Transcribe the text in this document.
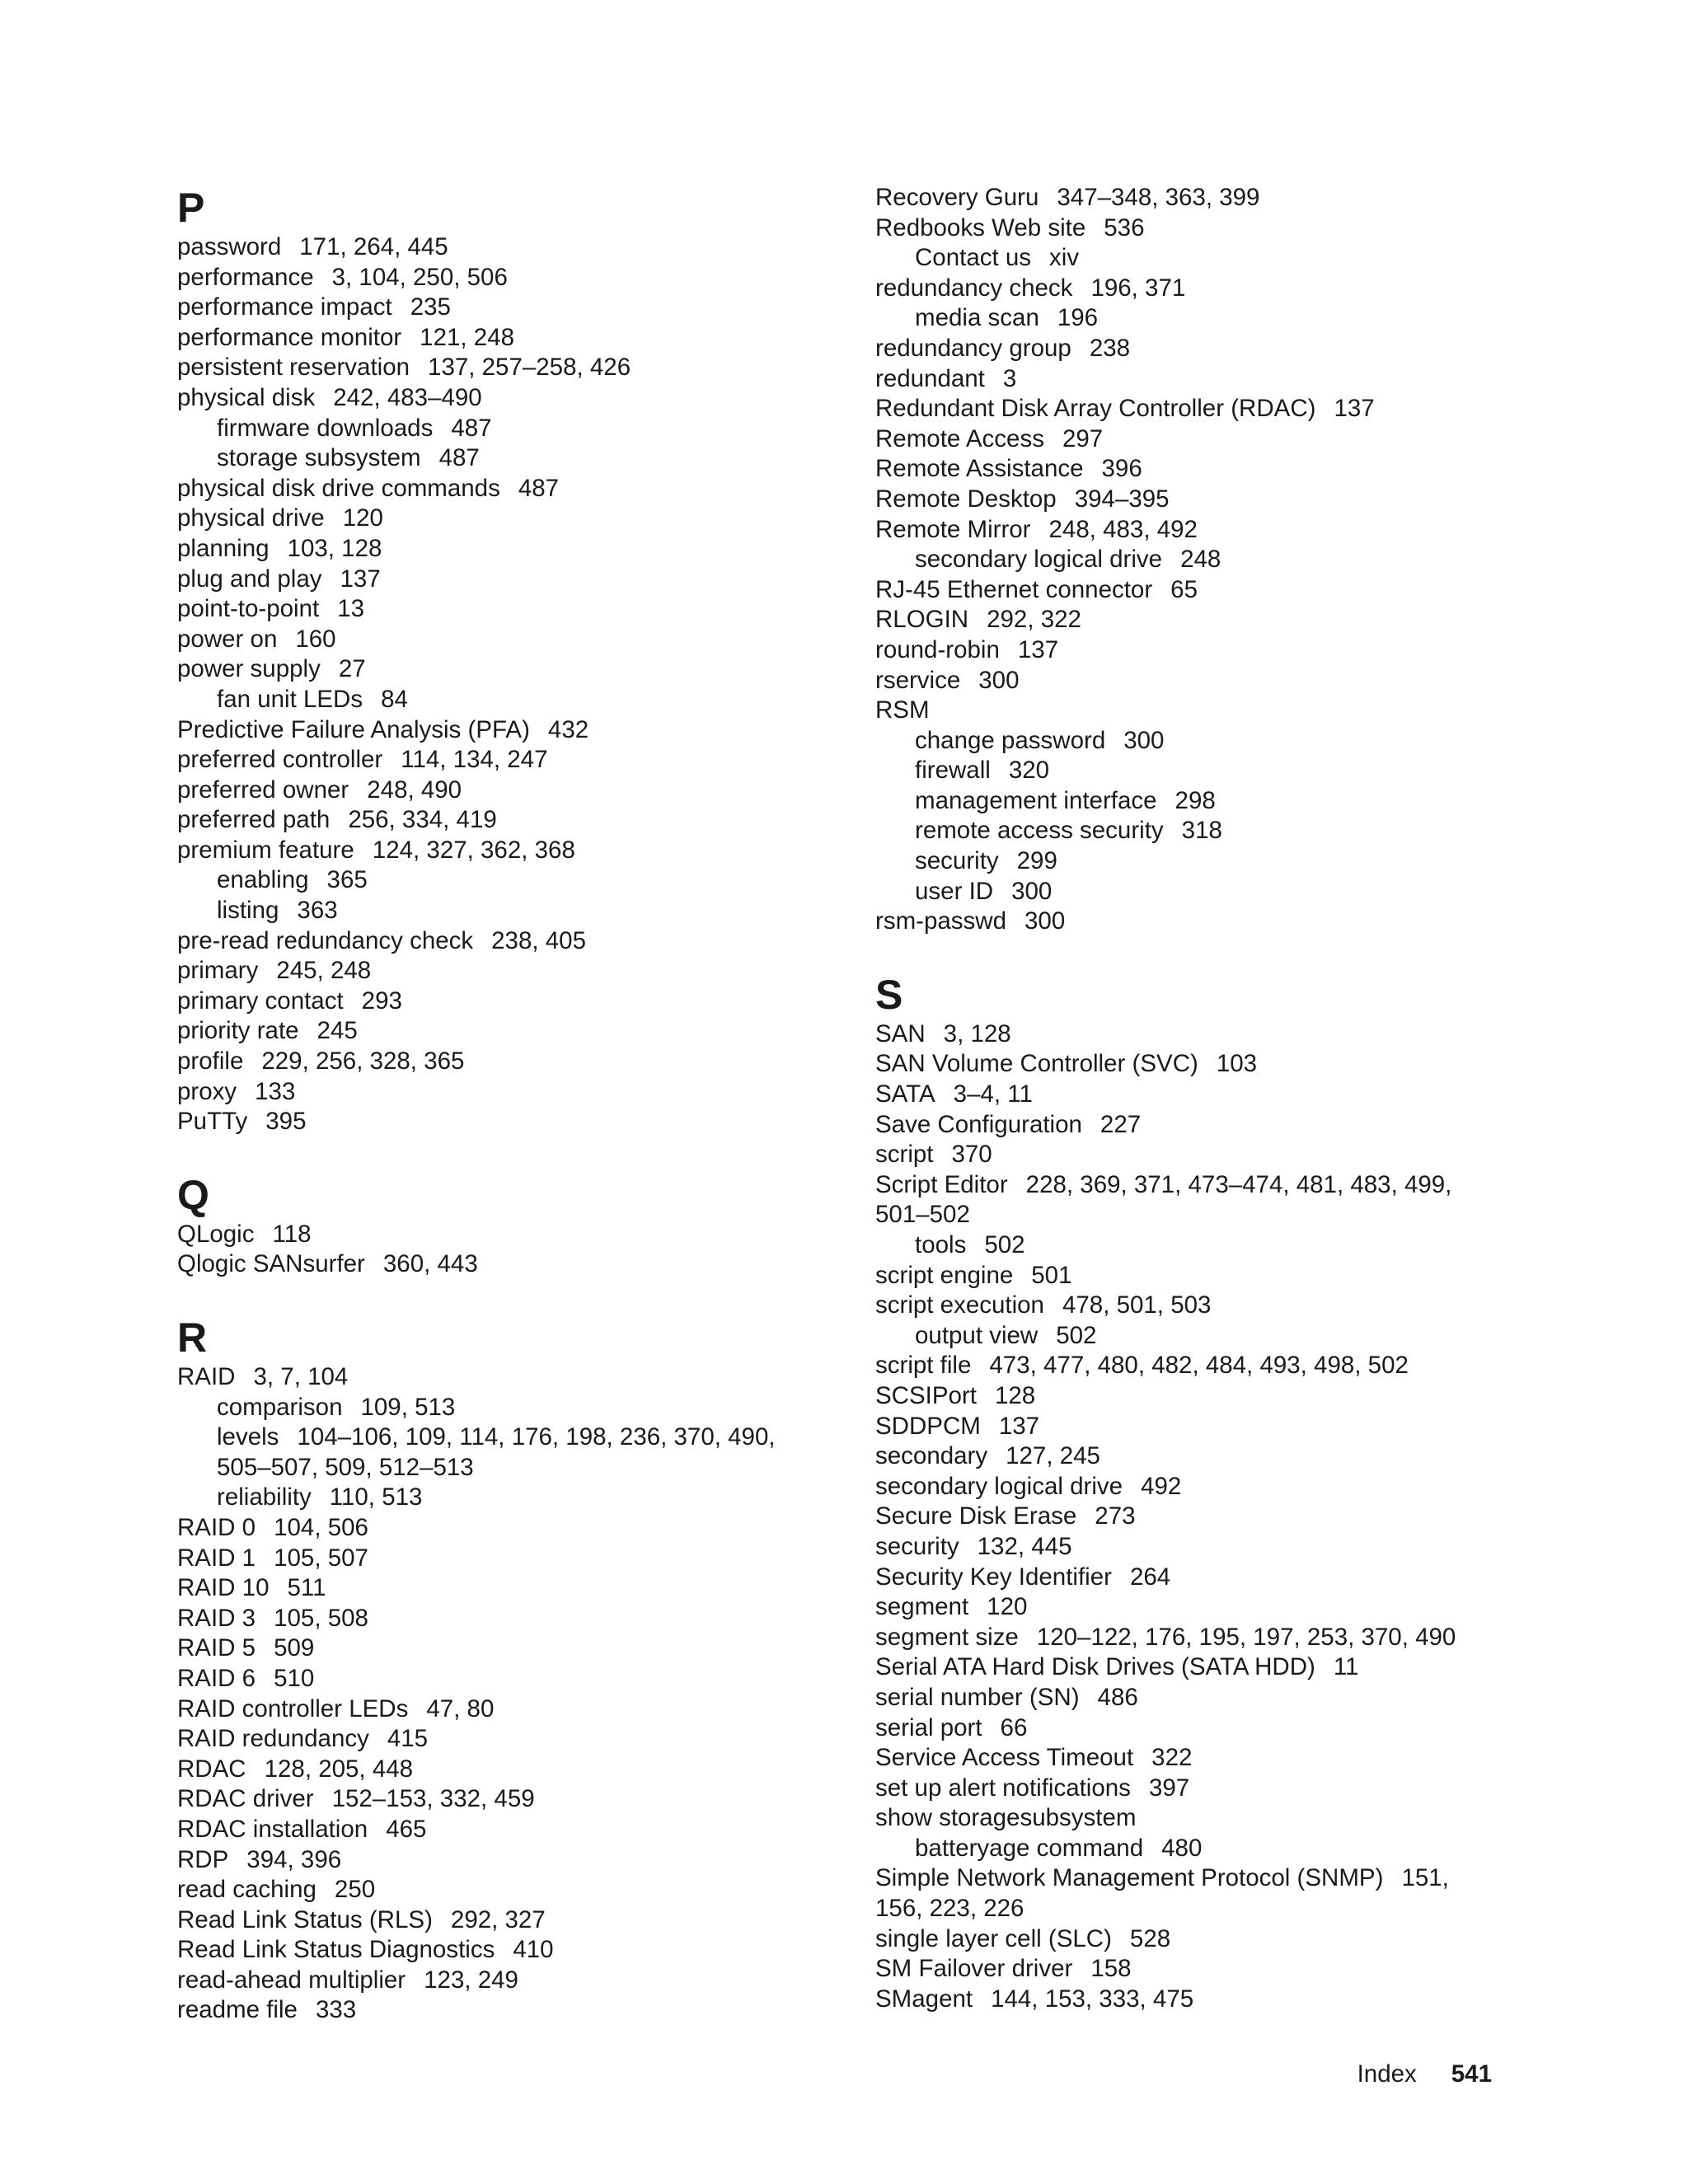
P
password 171, 264, 445
performance 3, 104, 250, 506
performance impact 235
performance monitor 121, 248
persistent reservation 137, 257–258, 426
physical disk 242, 483–490
firmware downloads 487
storage subsystem 487
physical disk drive commands 487
physical drive 120
planning 103, 128
plug and play 137
point-to-point 13
power on 160
power supply 27
fan unit LEDs 84
Predictive Failure Analysis (PFA) 432
preferred controller 114, 134, 247
preferred owner 248, 490
preferred path 256, 334, 419
premium feature 124, 327, 362, 368
enabling 365
listing 363
pre-read redundancy check 238, 405
primary 245, 248
primary contact 293
priority rate 245
profile 229, 256, 328, 365
proxy 133
PuTTy 395
Q
QLogic 118
Qlogic SANsurfer 360, 443
R
RAID 3, 7, 104
comparison 109, 513
levels 104–106, 109, 114, 176, 198, 236, 370, 490,
505–507, 509, 512–513
reliability 110, 513
RAID 0 104, 506
RAID 1 105, 507
RAID 10 511
RAID 3 105, 508
RAID 5 509
RAID 6 510
RAID controller LEDs 47, 80
RAID redundancy 415
RDAC 128, 205, 448
RDAC driver 152–153, 332, 459
RDAC installation 465
RDP 394, 396
read caching 250
Read Link Status (RLS) 292, 327
Read Link Status Diagnostics 410
read-ahead multiplier 123, 249
readme file 333
Recovery Guru 347–348, 363, 399
Redbooks Web site 536
Contact us xiv
redundancy check 196, 371
media scan 196
redundancy group 238
redundant 3
Redundant Disk Array Controller (RDAC) 137
Remote Access 297
Remote Assistance 396
Remote Desktop 394–395
Remote Mirror 248, 483, 492
secondary logical drive 248
RJ-45 Ethernet connector 65
RLOGIN 292, 322
round-robin 137
rservice 300
RSM
change password 300
firewall 320
management interface 298
remote access security 318
security 299
user ID 300
rsm-passwd 300
S
SAN 3, 128
SAN Volume Controller (SVC) 103
SATA 3–4, 11
Save Configuration 227
script 370
Script Editor 228, 369, 371, 473–474, 481, 483, 499,
501–502
tools 502
script engine 501
script execution 478, 501, 503
output view 502
script file 473, 477, 480, 482, 484, 493, 498, 502
SCSIPort 128
SDDPCM 137
secondary 127, 245
secondary logical drive 492
Secure Disk Erase 273
security 132, 445
Security Key Identifier 264
segment 120
segment size 120–122, 176, 195, 197, 253, 370, 490
Serial ATA Hard Disk Drives (SATA HDD) 11
serial number (SN) 486
serial port 66
Service Access Timeout 322
set up alert notifications 397
show storagesubsystem
batteryage command 480
Simple Network Management Protocol (SNMP) 151,
156, 223, 226
single layer cell (SLC) 528
SM Failover driver 158
SMagent 144, 153, 333, 475
Index 541
